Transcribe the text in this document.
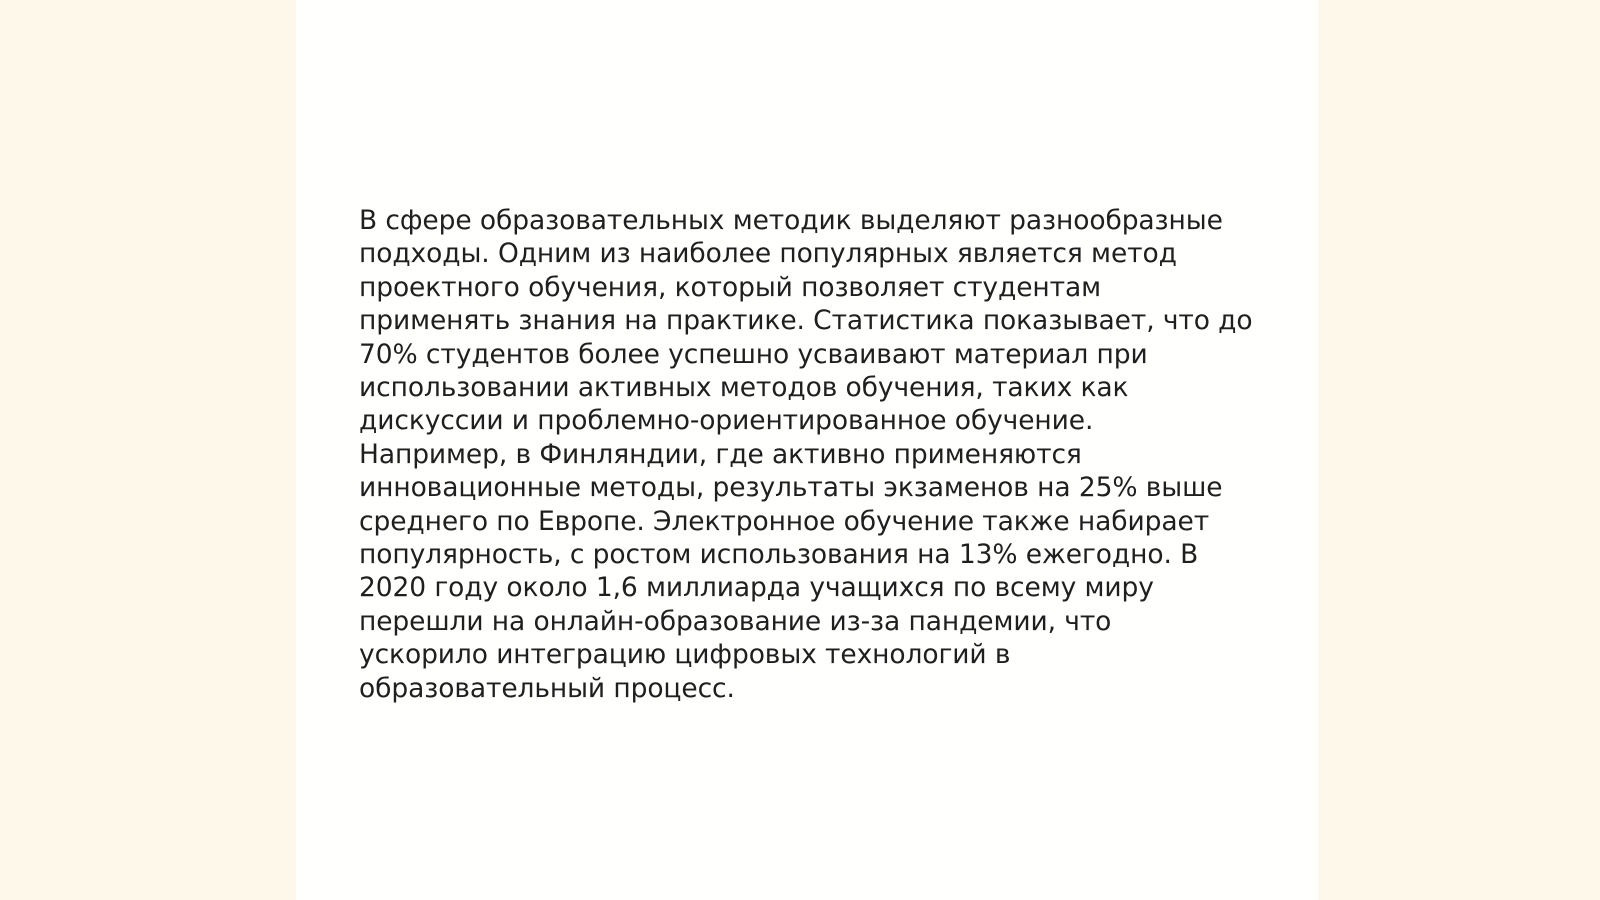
В сфере образовательных методик выделяют разнообразные
подходы. Одним из наиболее популярных является метод
проектного обучения, который позволяет студентам
применять знания на практике. Статистика показывает, что до
70% студентов более успешно усваивают материал при
использовании активных методов обучения, таких как
дискуссии и проблемно-ориентированное обучение.
Например, в Финляндии, где активно применяются
инновационные методы, результаты экзаменов на 25% выше
среднего по Европе. Электронное обучение также набирает
популярность, с ростом использования на 13% ежегодно. В
2020 году около 1,6 миллиарда учащихся по всему миру
перешли на онлайн-образование из-за пандемии, что
ускорило интеграцию цифровых технологий в
образовательный процесс.
